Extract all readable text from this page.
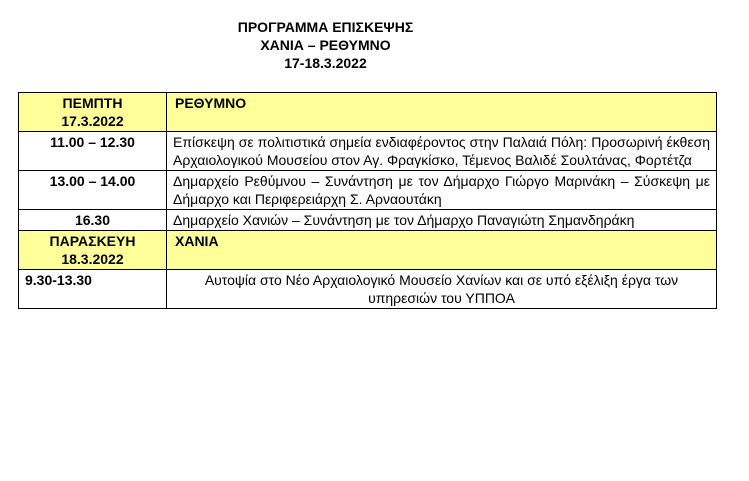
ΠΡΟΓΡΑΜΜΑ ΕΠΙΣΚΕΨΗΣ
ΧΑΝΙΑ – ΡΕΘΥΜΝΟ
17-18.3.2022
ΠΕΜΠΤΗ
17.3.2022	ΡΕΘΥΜΝΟ
11.00 – 12.30	Επίσκεψη σε πολιτιστικά σημεία ενδιαφέροντος στην Παλαιά Πόλη: Προσωρινή έκθεση Αρχαιολογικού Μουσείου στον Αγ. Φραγκίσκο, Τέμενος Βαλιδέ Σουλτάνας, Φορτέτζα
13.00 – 14.00	Δημαρχείο Ρεθύμνου – Συνάντηση με τον Δήμαρχο Γιώργο Μαρινάκη – Σύσκεψη με Δήμαρχο και Περιφερειάρχη Σ. Αρναουτάκη
16.30	Δημαρχείο Χανιών – Συνάντηση με τον Δήμαρχο Παναγιώτη Σημανδηράκη

ΠΑΡΑΣΚΕΥΗ
18.3.2022	ΧΑΝΙΑ
9.30-13.30	Αυτοψία στο Νέο Αρχαιολογικό Μουσείο Χανίων και σε υπό εξέλιξη έργα των υπηρεσιών του ΥΠΠΟΑ
